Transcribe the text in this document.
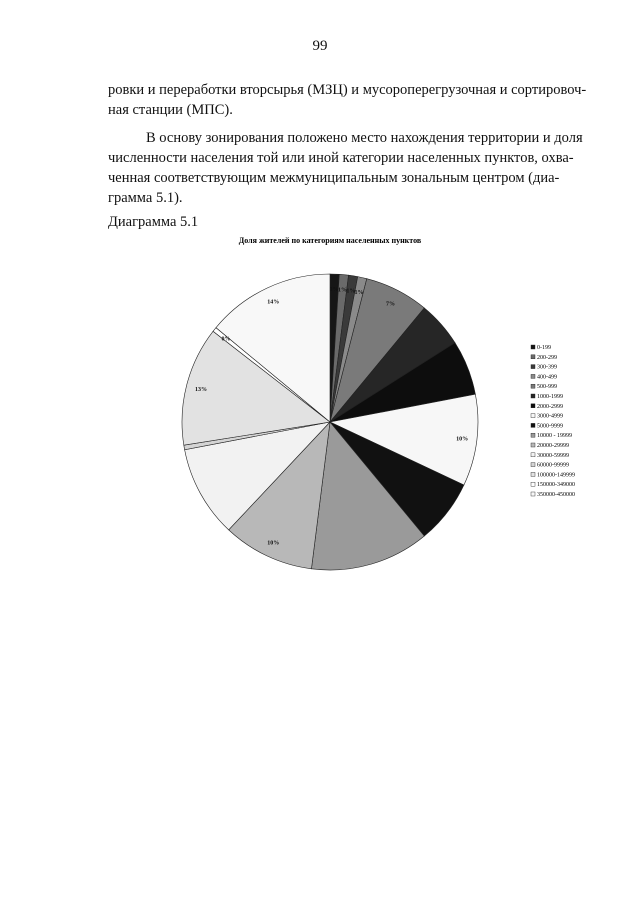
99

ровки и переработки вторсырья (МЗЦ) и мусороперегрузочная и сортировоч-
ная станции (МПС).

В основу зонирования положено место нахождения территории и доля
численности населения той или иной категории населенных пунктов, охва-
ченная соответствующим межмуниципальным зональным центром (диа-
грамма 5.1).

Диаграмма 5.1
Доля жителей по категориям населенных пунктов
1% 1% 1% 1%
7%
10%
10%
13%
0%
14%
0-199
200-299
300-399
400-499
500-999
1000-1999
2000-2999
3000-4999
5000-9999
10000 - 19999
20000-29999
30000-59999
60000-99999
100000-149999
150000-349000
350000-450000
